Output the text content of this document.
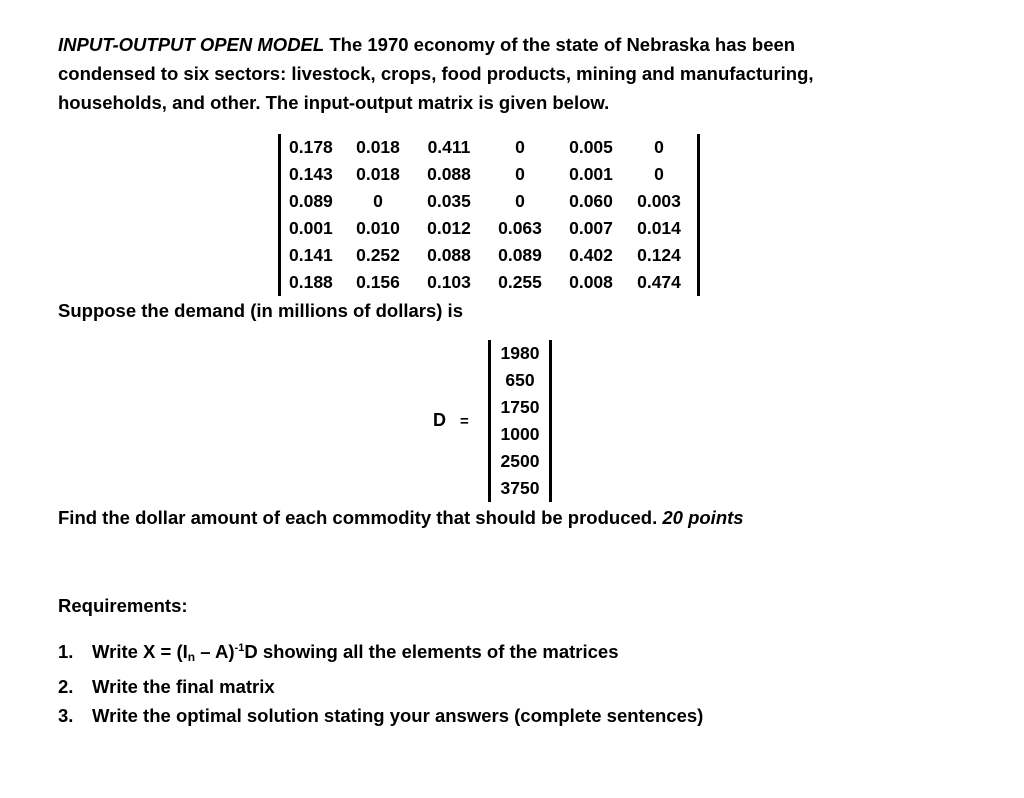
INPUT-OUTPUT OPEN MODEL The 1970 economy of the state of Nebraska has been condensed to six sectors: livestock, crops, food products, mining and manufacturing, households, and other. The input-output matrix is given below.
0.178	0.018	0.411	0	0.005	0
0.143	0.018	0.088	0	0.001	0
0.089	0	0.035	0	0.060	0.003
0.001	0.010	0.012	0.063	0.007	0.014
0.141	0.252	0.088	0.089	0.402	0.124
0.188	0.156	0.103	0.255	0.008	0.474
Suppose the demand (in millions of dollars) is
D =
1980
650
1750
1000
2500
3750
Find the dollar amount of each commodity that should be produced. 20 points
Requirements:
1. Write $X = (I_n - A)^{-1}D$ showing all the elements of the matrices
2. Write the final matrix
3. Write the optimal solution stating your answers (complete sentences)
